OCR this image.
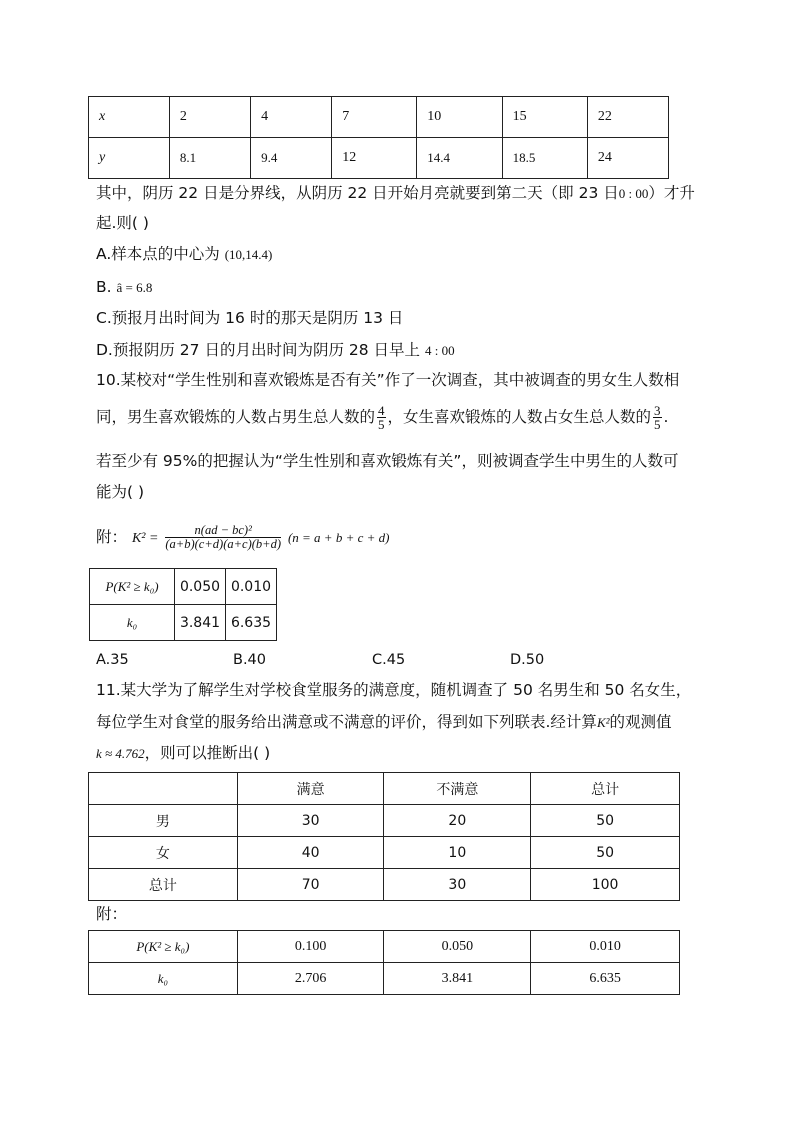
x	2	4	7	10	15	22
y	8.1	9.4	12	14.4	18.5	24
其中，阴历 22 日是分界线，从阴历 22 日开始月亮就要到第二天（即 23 日0 : 00）才升
起.则( )
A.样本点的中心为 (10,14.4)
B. â = 6.8
C.预报月出时间为 16 时的那天是阴历 13 日
D.预报阴历 27 日的月出时间为阴历 28 日早上 4 : 00
10.某校对“学生性别和喜欢锻炼是否有关”作了一次调查，其中被调查的男女生人数相
同，男生喜欢锻炼的人数占男生总人数的 $\frac{4}{5}$ ，女生喜欢锻炼的人数占女生总人数的 $\frac{3}{5}$ .
若至少有 95%的把握认为“学生性别和喜欢锻炼有关”，则被调查学生中男生的人数可
能为( )
附： $K^2 = \frac{\text{n(ad − bc)²}}{(a+b)(c+d)(a+c)(b+d)} (n = a + b + c + d)$
P(K² ≥ k₀)	0.050	0.010
k₀	3.841	6.635
A.35	B.40	C.45	D.50
11.某大学为了解学生对学校食堂服务的满意度，随机调查了 50 名男生和 50 名女生，
每位学生对食堂的服务给出满意或不满意的评价，得到如下列联表.经计算K²的观测值
k ≈ 4.762，则可以推断出( )
	满意	不满意	总计
男	30	20	50
女	40	10	50
总计	70	30	100
附：
P(K² ≥ k₀)	0.100	0.050	0.010
k₀	2.706	3.841	6.635
